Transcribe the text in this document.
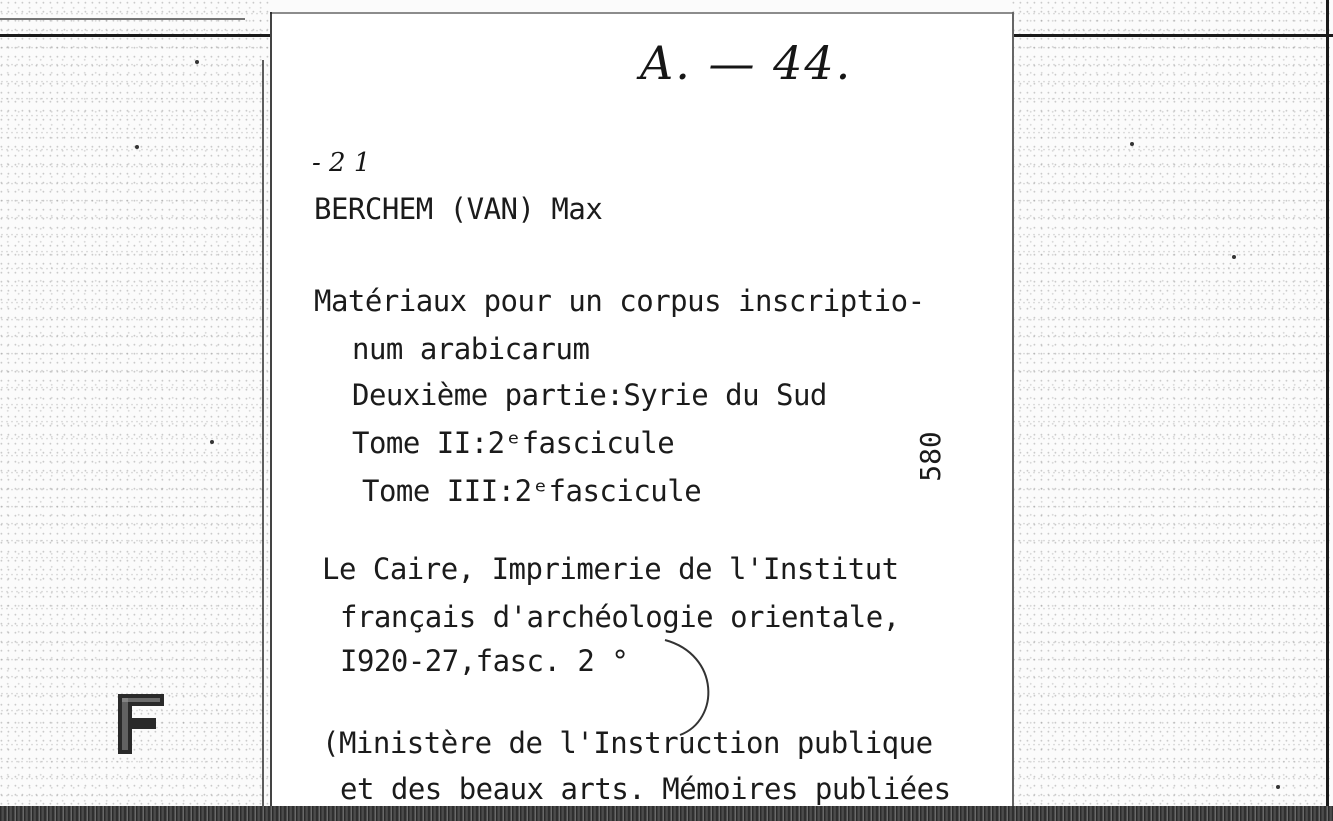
A. — 44.
- 2 1
BERCHEM (VAN) Max
Matériaux pour un corpus inscriptio-
num arabicarum
Deuxième partie:Syrie du Sud
Tome II:2ᵉfascicule
Tome III:2ᵉfascicule
Le Caire, Imprimerie de l'Institut
français d'archéologie orientale,
I920-27,fasc. 2 °
(Ministère de l'Instruction publique
et des beaux arts. Mémoires publiées
580
